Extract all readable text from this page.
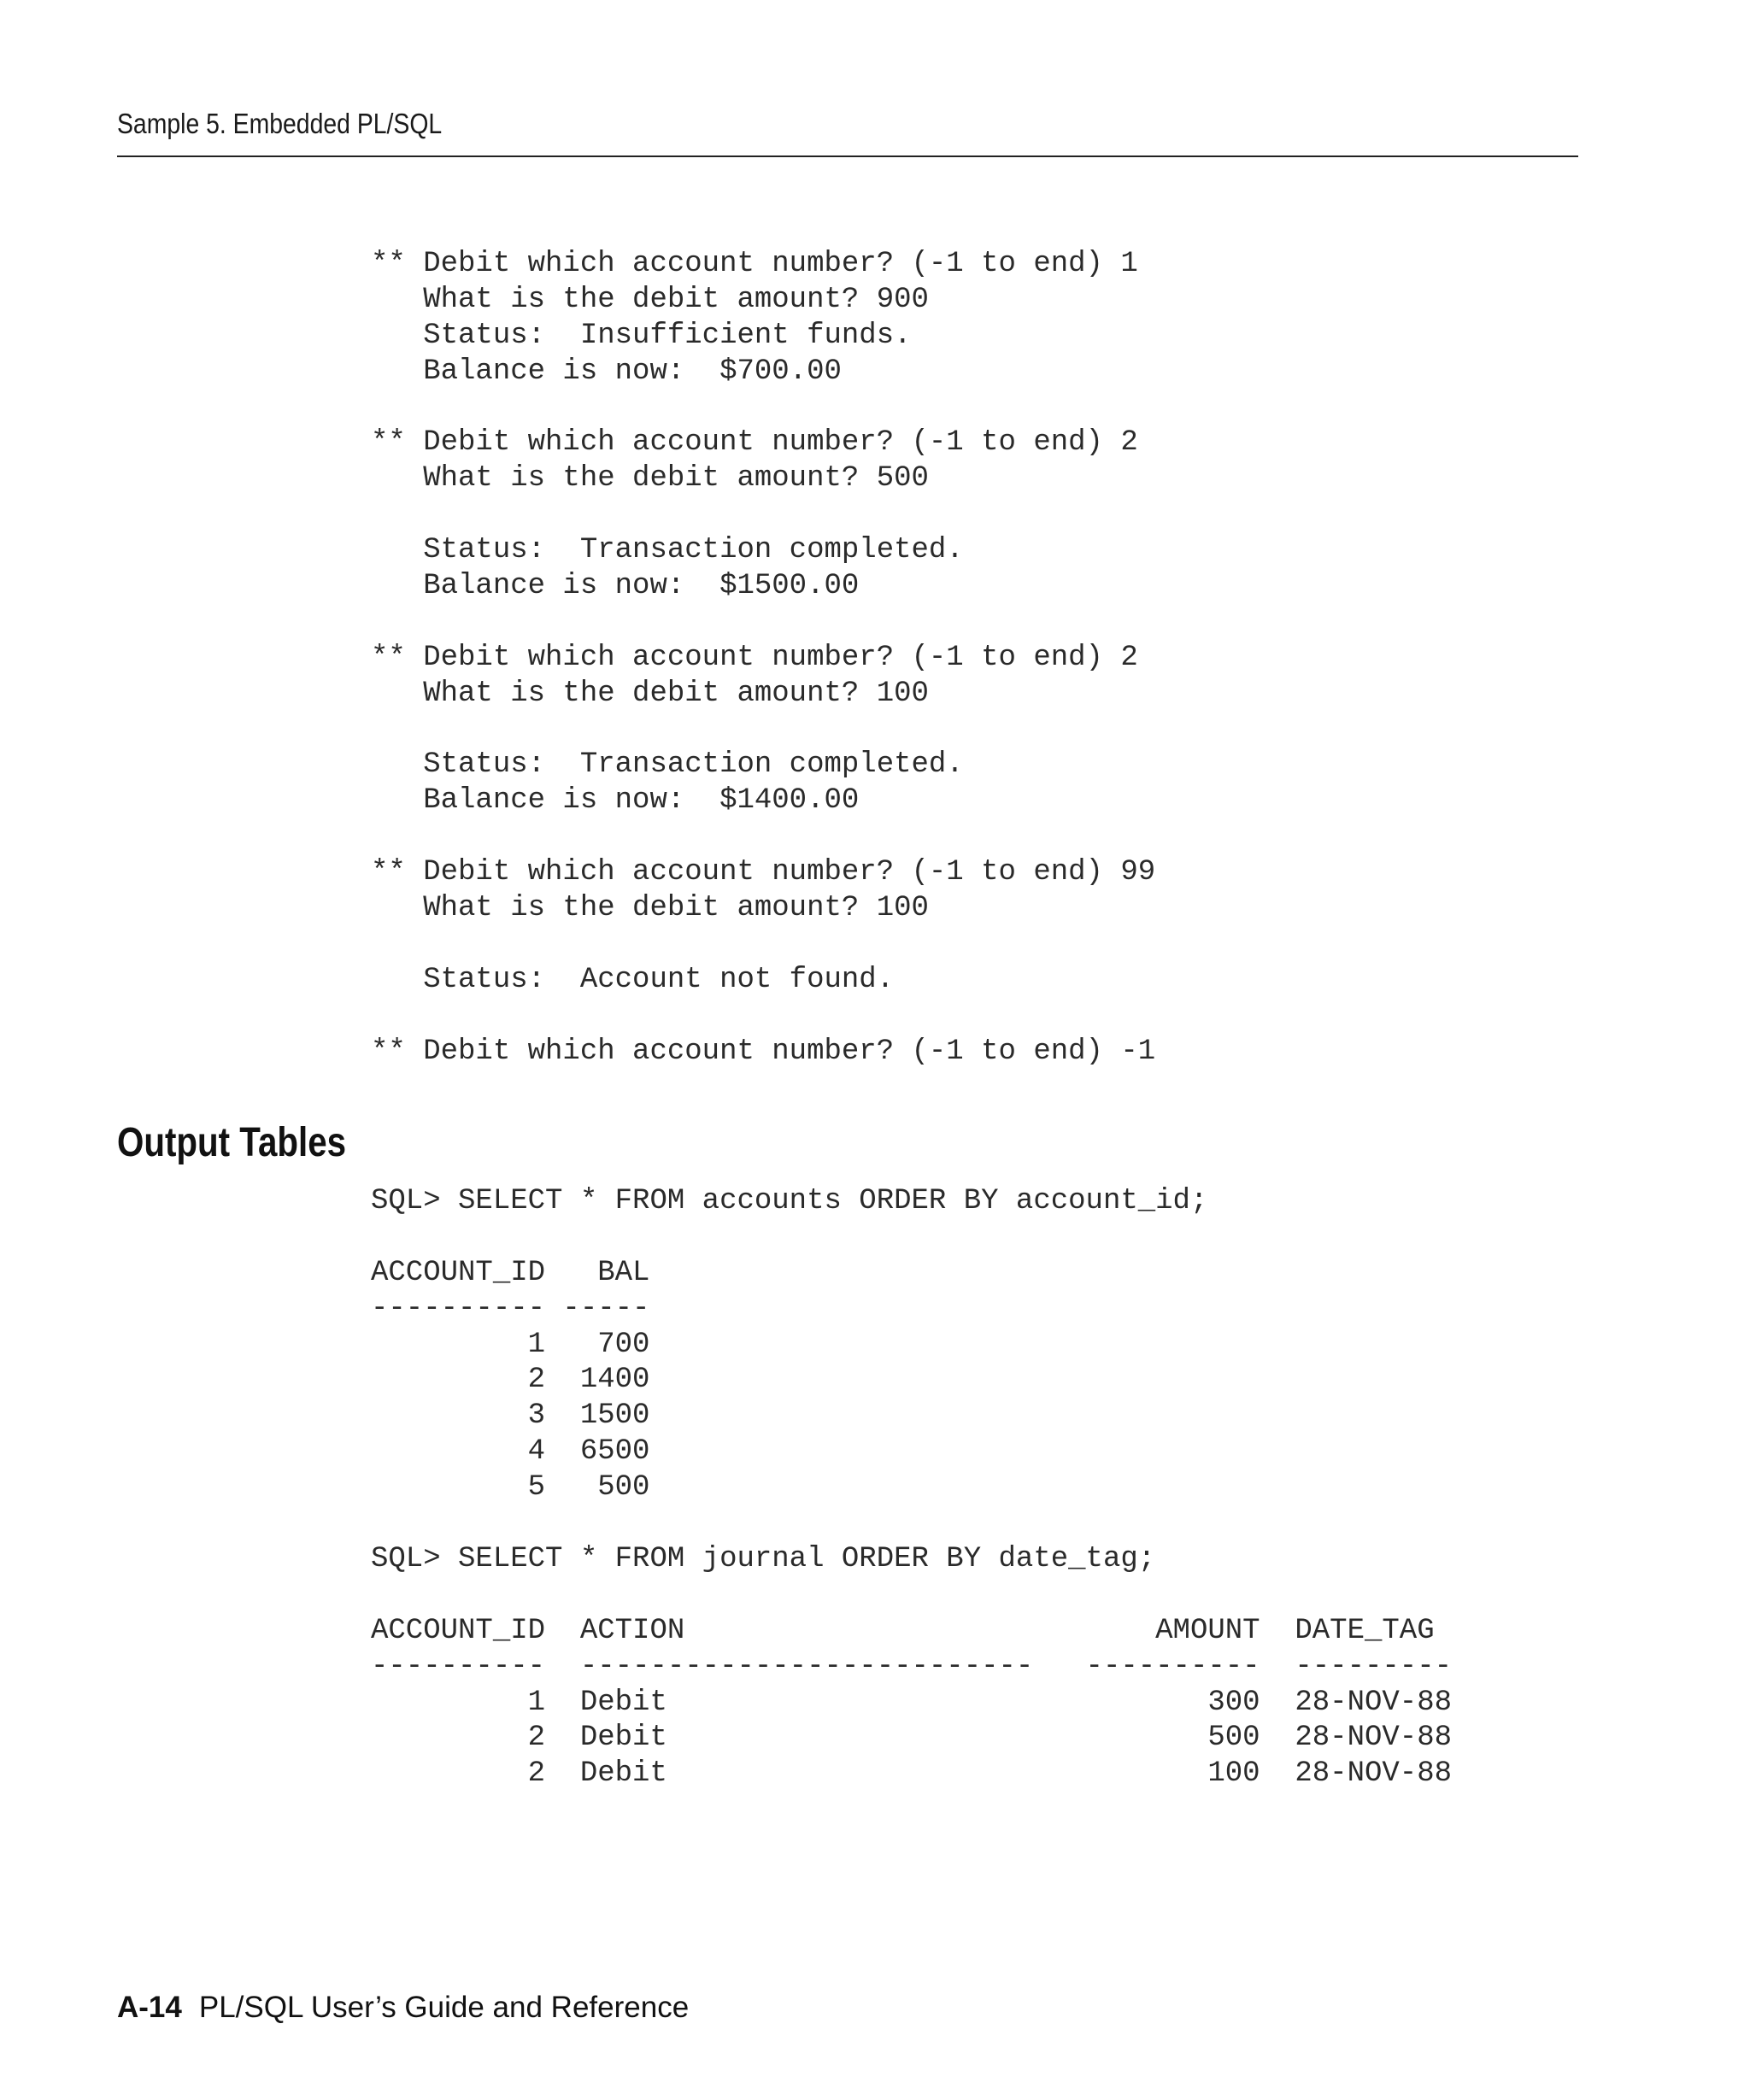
Sample 5. Embedded PL/SQL
** Debit which account number? (-1 to end) 1
What is the debit amount? 900
Status:  Insufficient funds.
Balance is now:  $700.00
** Debit which account number? (-1 to end) 2
What is the debit amount? 500
Status:  Transaction completed.
Balance is now:  $1500.00
** Debit which account number? (-1 to end) 2
What is the debit amount? 100
Status:  Transaction completed.
Balance is now:  $1400.00
** Debit which account number? (-1 to end) 99
What is the debit amount? 100
Status:  Account not found.
** Debit which account number? (-1 to end) -1
Output Tables
SQL> SELECT * FROM accounts ORDER BY account_id;
ACCOUNT_ID   BAL
---------- -----
1   700
2  1400
3  1500
4  6500
5   500
SQL> SELECT * FROM journal ORDER BY date_tag;
ACCOUNT_ID  ACTION                           AMOUNT  DATE_TAG
----------  --------------------------   ----------  ---------
1  Debit                               300  28-NOV-88
2  Debit                               500  28-NOV-88
2  Debit                               100  28-NOV-88
A-14 PL/SQL User’s Guide and Reference
